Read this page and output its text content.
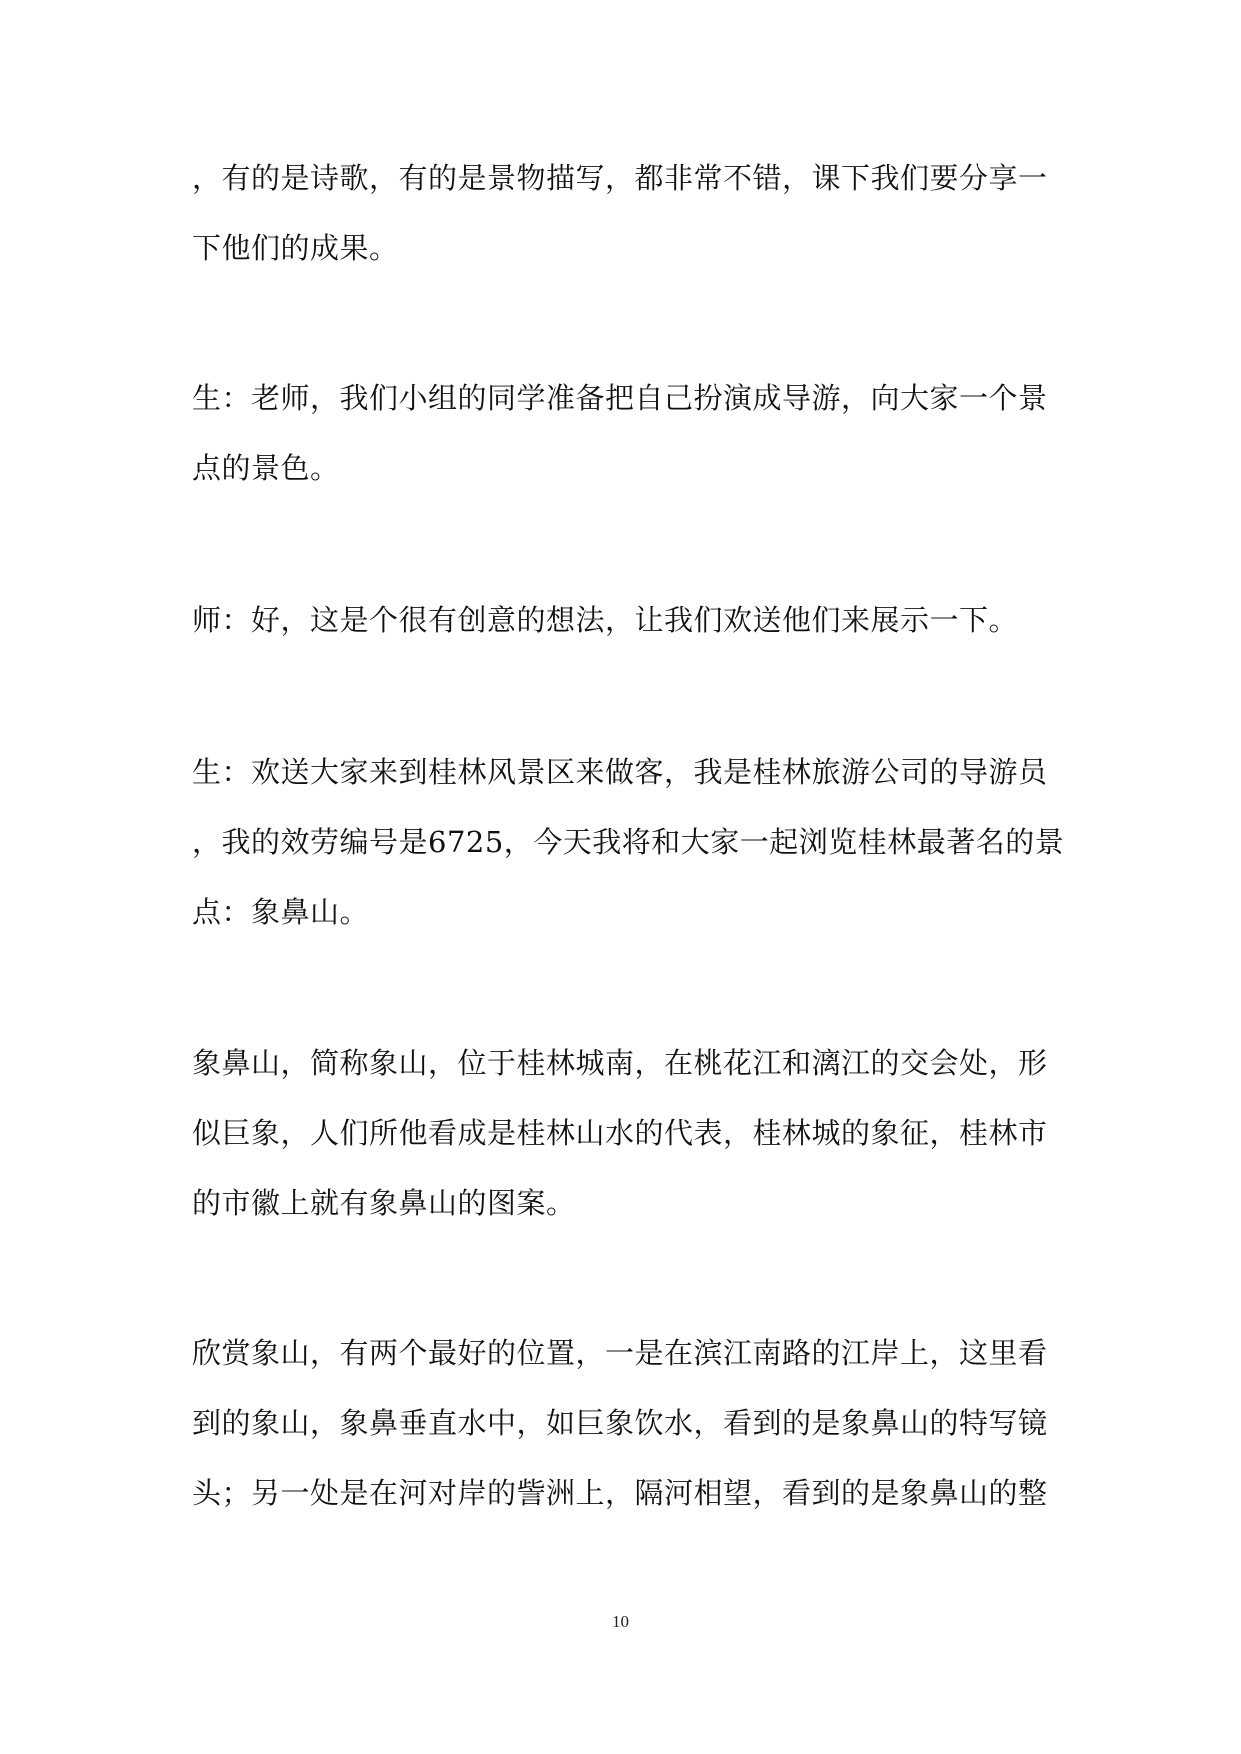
，有的是诗歌，有的是景物描写，都非常不错，课下我们要分享一
下他们的成果。
生：老师，我们小组的同学准备把自己扮演成导游，向大家一个景
点的景色。
师：好，这是个很有创意的想法，让我们欢送他们来展示一下。
生：欢送大家来到桂林风景区来做客，我是桂林旅游公司的导游员
，我的效劳编号是6725，今天我将和大家一起浏览桂林最著名的景
点：象鼻山。
象鼻山，简称象山，位于桂林城南，在桃花江和漓江的交会处，形
似巨象，人们所他看成是桂林山水的代表，桂林城的象征，桂林市
的市徽上就有象鼻山的图案。
欣赏象山，有两个最好的位置，一是在滨江南路的江岸上，这里看
到的象山，象鼻垂直水中，如巨象饮水，看到的是象鼻山的特写镜
头；另一处是在河对岸的訾洲上，隔河相望，看到的是象鼻山的整
10
